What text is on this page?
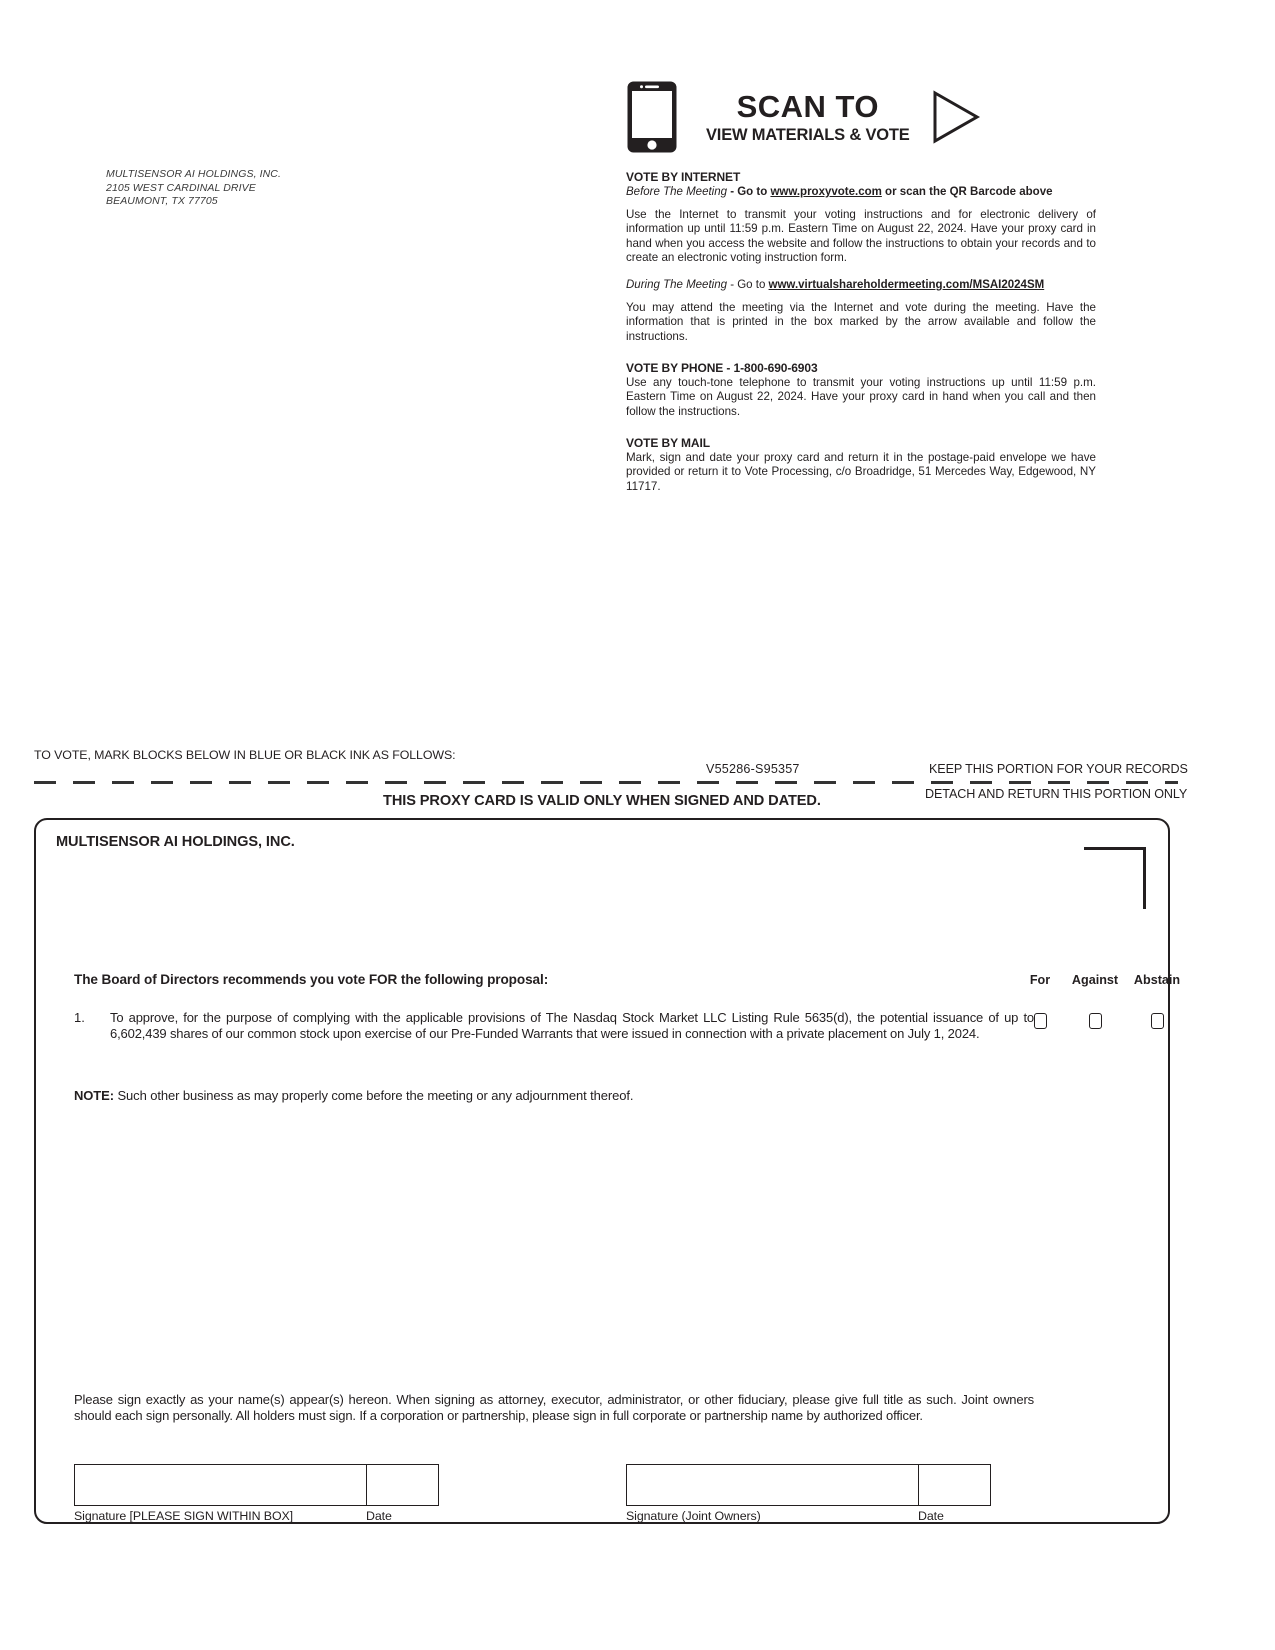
MULTISENSOR AI HOLDINGS, INC.
2105 WEST CARDINAL DRIVE
BEAUMONT, TX 77705
SCAN TO
VIEW MATERIALS & VOTE
VOTE BY INTERNET
Before The Meeting - Go to www.proxyvote.com or scan the QR Barcode above
Use the Internet to transmit your voting instructions and for electronic delivery of information up until 11:59 p.m. Eastern Time on August 22, 2024. Have your proxy card in hand when you access the website and follow the instructions to obtain your records and to create an electronic voting instruction form.
During The Meeting - Go to www.virtualshareholdermeeting.com/MSAI2024SM
You may attend the meeting via the Internet and vote during the meeting. Have the information that is printed in the box marked by the arrow available and follow the instructions.
VOTE BY PHONE - 1-800-690-6903
Use any touch-tone telephone to transmit your voting instructions up until 11:59 p.m. Eastern Time on August 22, 2024. Have your proxy card in hand when you call and then follow the instructions.
VOTE BY MAIL
Mark, sign and date your proxy card and return it in the postage-paid envelope we have provided or return it to Vote Processing, c/o Broadridge, 51 Mercedes Way, Edgewood, NY 11717.
TO VOTE, MARK BLOCKS BELOW IN BLUE OR BLACK INK AS FOLLOWS:
V55286-S95357	KEEP THIS PORTION FOR YOUR RECORDS
DETACH AND RETURN THIS PORTION ONLY
THIS PROXY CARD IS VALID ONLY WHEN SIGNED AND DATED.
MULTISENSOR AI HOLDINGS, INC.
The Board of Directors recommends you vote FOR the following proposal:	For	Against	Abstain
1. To approve, for the purpose of complying with the applicable provisions of The Nasdaq Stock Market LLC Listing Rule 5635(d), the potential issuance of up to 6,602,439 shares of our common stock upon exercise of our Pre-Funded Warrants that were issued in connection with a private placement on July 1, 2024.
NOTE: Such other business as may properly come before the meeting or any adjournment thereof.
Please sign exactly as your name(s) appear(s) hereon. When signing as attorney, executor, administrator, or other fiduciary, please give full title as such. Joint owners should each sign personally. All holders must sign. If a corporation or partnership, please sign in full corporate or partnership name by authorized officer.
Signature [PLEASE SIGN WITHIN BOX]	Date	Signature (Joint Owners)	Date
